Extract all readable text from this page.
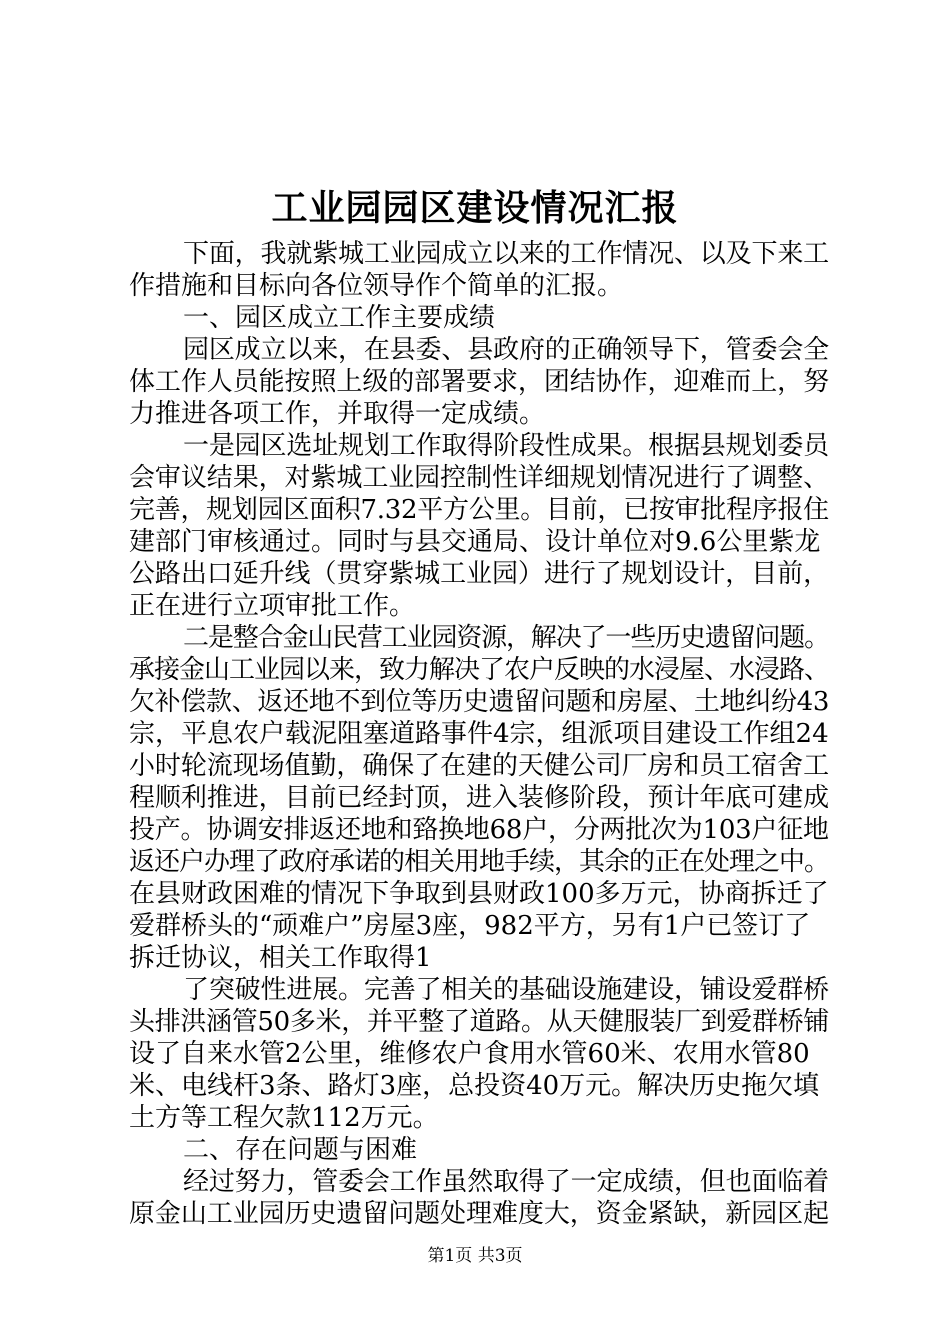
工业园园区建设情况汇报
下面，我就紫城工业园成立以来的工作情况、以及下来工
作措施和目标向各位领导作个简单的汇报。
一、园区成立工作主要成绩
园区成立以来，在县委、县政府的正确领导下，管委会全
体工作人员能按照上级的部署要求，团结协作，迎难而上，努
力推进各项工作，并取得一定成绩。
一是园区选址规划工作取得阶段性成果。根据县规划委员
会审议结果，对紫城工业园控制性详细规划情况进行了调整、
完善，规划园区面积7.32平方公里。目前，已按审批程序报住
建部门审核通过。同时与县交通局、设计单位对9.6公里紫龙
公路出口延升线（贯穿紫城工业园）进行了规划设计，目前，
正在进行立项审批工作。
二是整合金山民营工业园资源，解决了一些历史遗留问题。
承接金山工业园以来，致力解决了农户反映的水浸屋、水浸路、
欠补偿款、返还地不到位等历史遗留问题和房屋、土地纠纷43
宗，平息农户载泥阻塞道路事件4宗，组派项目建设工作组24
小时轮流现场值勤，确保了在建的天健公司厂房和员工宿舍工
程顺利推进，目前已经封顶，进入装修阶段，预计年底可建成
投产。协调安排返还地和臵换地68户，分两批次为103户征地
返还户办理了政府承诺的相关用地手续，其余的正在处理之中。
在县财政困难的情况下争取到县财政100多万元，协商拆迁了
爱群桥头的“顽难户”房屋3座，982平方，另有1户已签订了
拆迁协议，相关工作取得1
了突破性进展。完善了相关的基础设施建设，铺设爱群桥
头排洪涵管50多米，并平整了道路。从天健服装厂到爱群桥铺
设了自来水管2公里，维修农户食用水管60米、农用水管80
米、电线杆3条、路灯3座，总投资40万元。解决历史拖欠填
土方等工程欠款112万元。
二、存在问题与困难
经过努力，管委会工作虽然取得了一定成绩，但也面临着
原金山工业园历史遗留问题处理难度大，资金紧缺，新园区起
第1页 共3页
